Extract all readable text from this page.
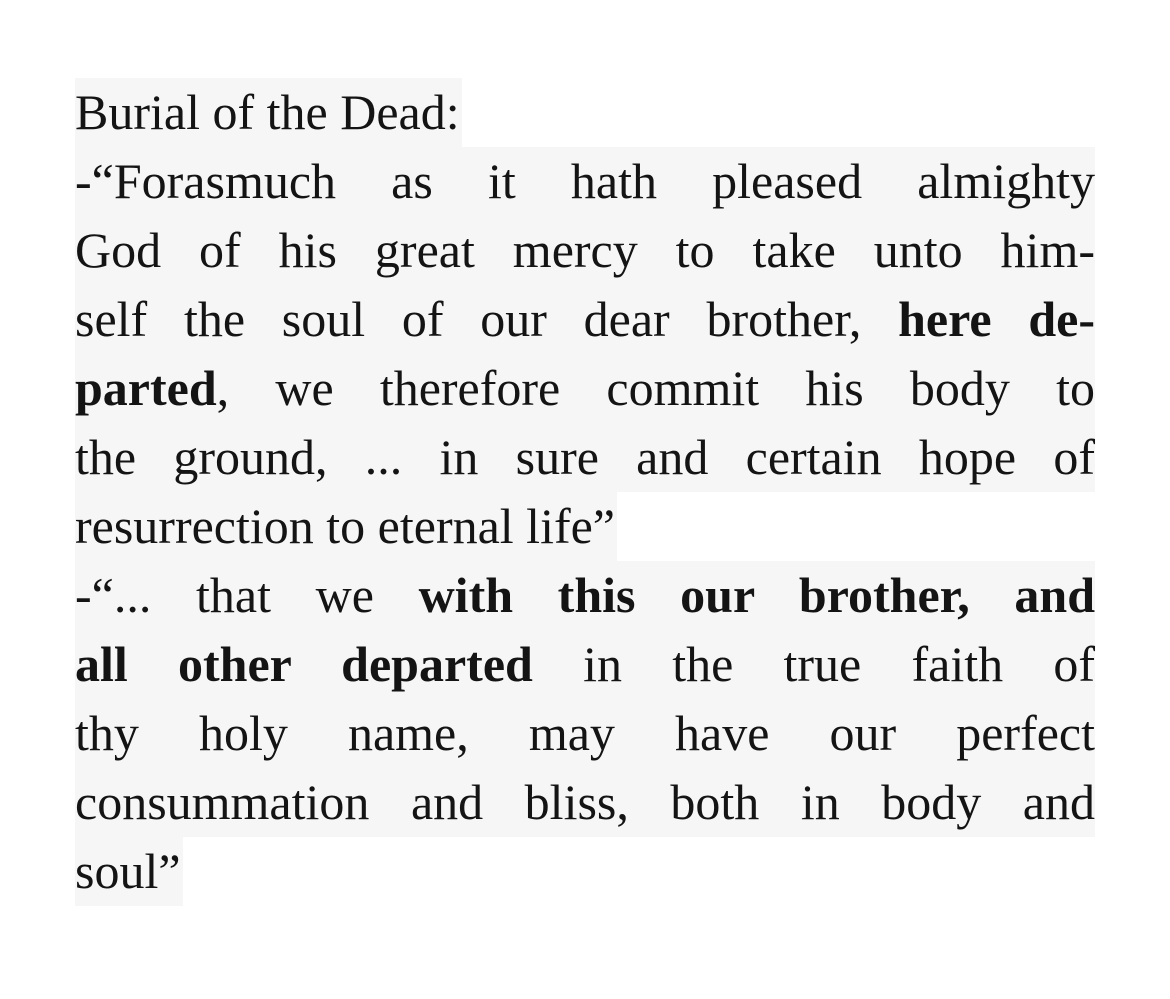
Burial of the Dead:
-“Forasmuch as it hath pleased almighty
God of his great mercy to take unto him-
self the soul of our dear brother, here de-
parted, we therefore commit his body to
the ground, ... in sure and certain hope of
resurrection to eternal life”
-“... that we with this our brother, and
all other departed in the true faith of
thy holy name, may have our perfect
consummation and bliss, both in body and
soul”
